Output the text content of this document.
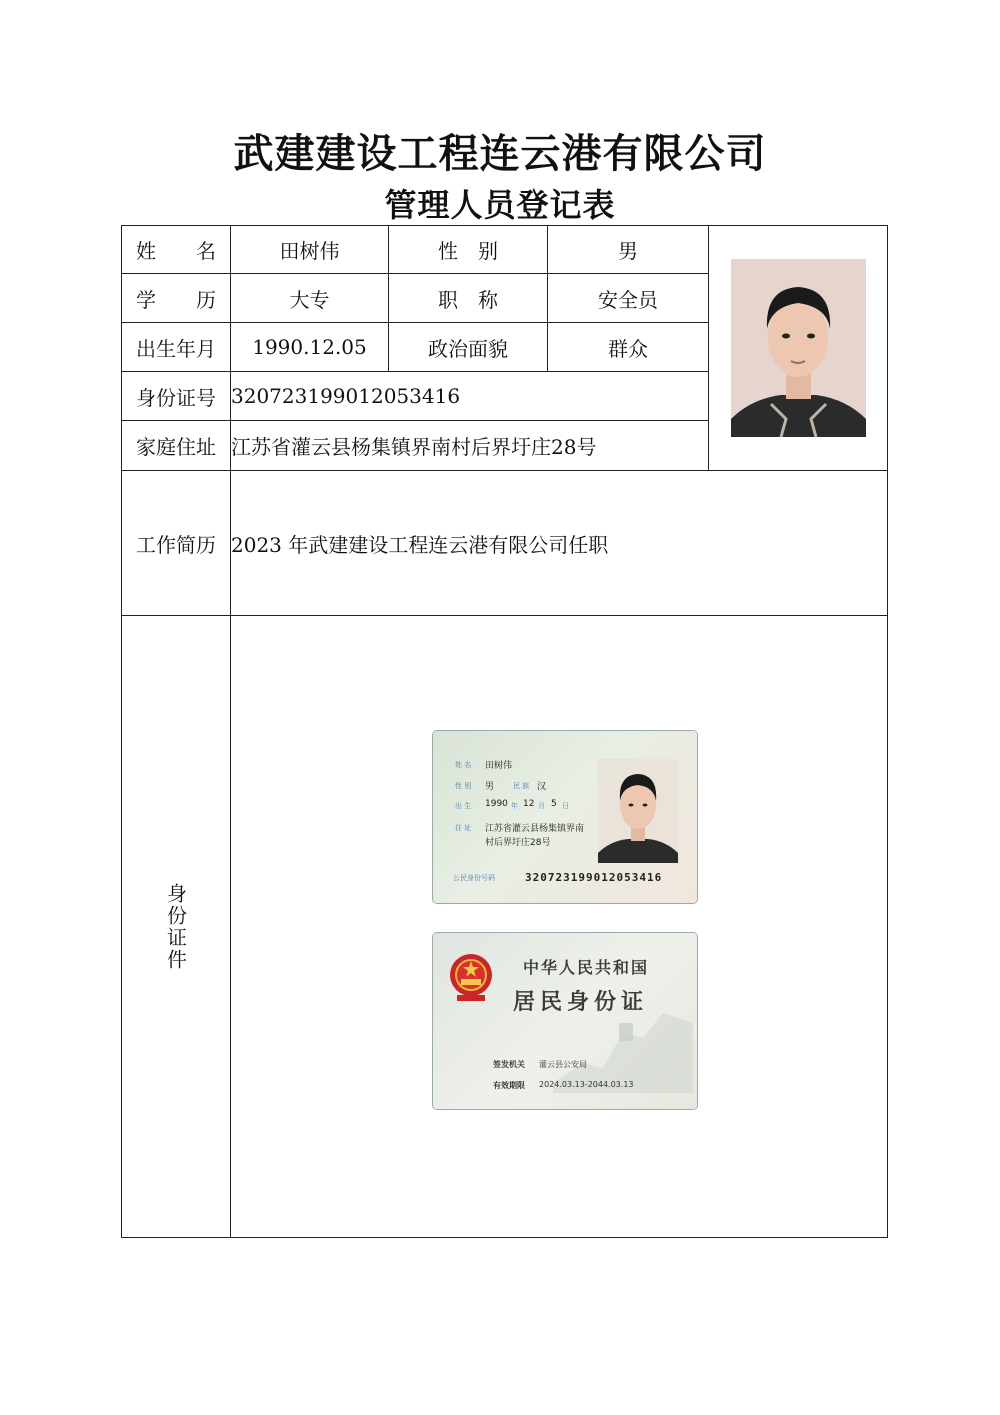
武建建设工程连云港有限公司
管理人员登记表
姓　　名	田树伟	性　别	男	

学　　历	大专	职　称	安全员	
出生年月	1990.12.05	政治面貌	群众	
身份证号	320723199012053416			
家庭住址	江苏省灌云县杨集镇界南村后界圩庄28号			
工作简历	2023 年武建建设工程连云港有限公司任职			

身份证件				

姓 名 田树伟
性 别 男	民 族 汉
出 生 1990 年 12 月 5 日
住 址 江苏省灌云县杨集镇界南
村后界圩庄28号
公民身份号码	320723199012053416
中华人民共和国
居民身份证
签发机关 灌云县公安局
有效期限 2024.03.13-2044.03.13
